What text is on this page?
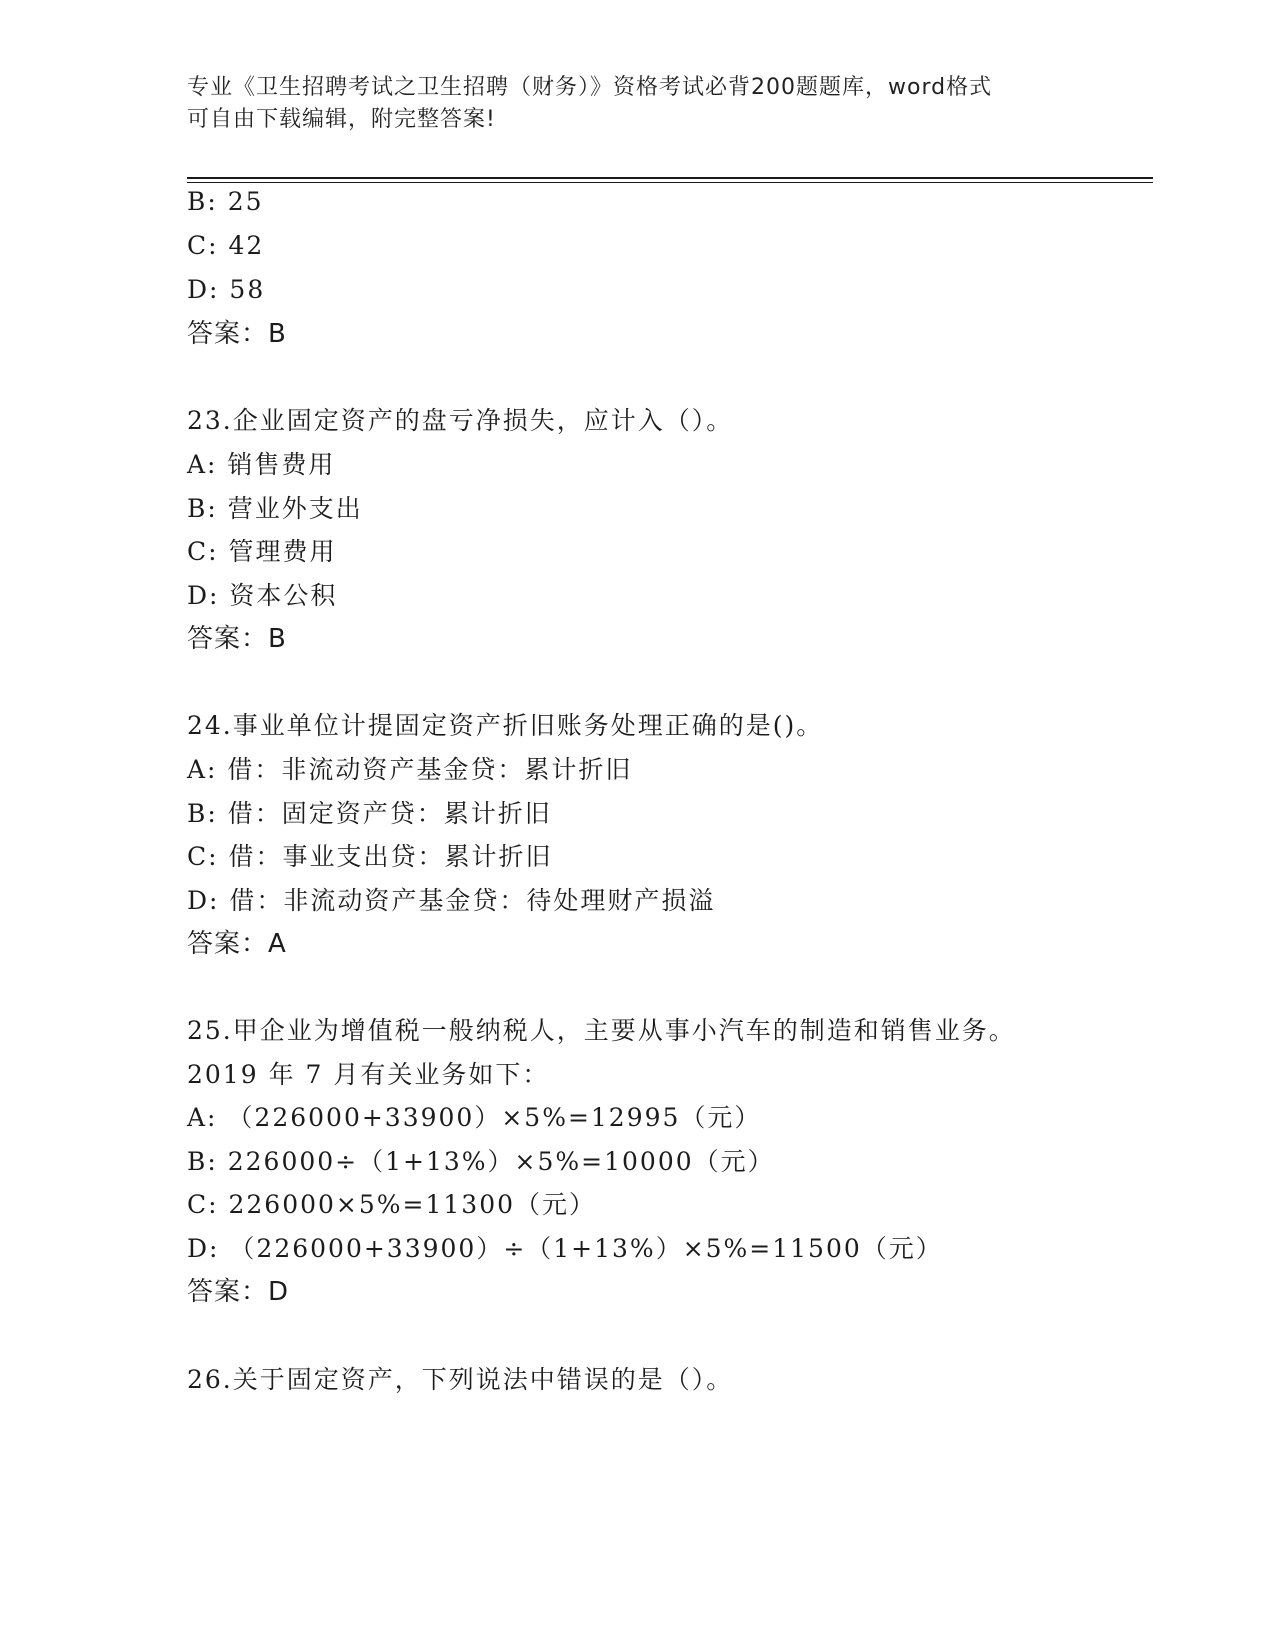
专业《卫生招聘考试之卫生招聘（财务）》资格考试必背200题题库，word格式
可自由下载编辑，附完整答案!
B: 25
C: 42
D: 58
答案：B
23.企业固定资产的盘亏净损失，应计入（）。
A: 销售费用
B: 营业外支出
C: 管理费用
D: 资本公积
答案：B
24.事业单位计提固定资产折旧账务处理正确的是()。
A: 借：非流动资产基金贷：累计折旧
B: 借：固定资产贷：累计折旧
C: 借：事业支出贷：累计折旧
D: 借：非流动资产基金贷：待处理财产损溢
答案：A
25.甲企业为增值税一般纳税人，主要从事小汽车的制造和销售业务。
2019 年 7 月有关业务如下：
A: （226000+33900）×5%=12995（元）
B: 226000÷（1+13%）×5%=10000（元）
C: 226000×5%=11300（元）
D: （226000+33900）÷（1+13%）×5%=11500（元）
答案：D
26.关于固定资产，下列说法中错误的是（）。
